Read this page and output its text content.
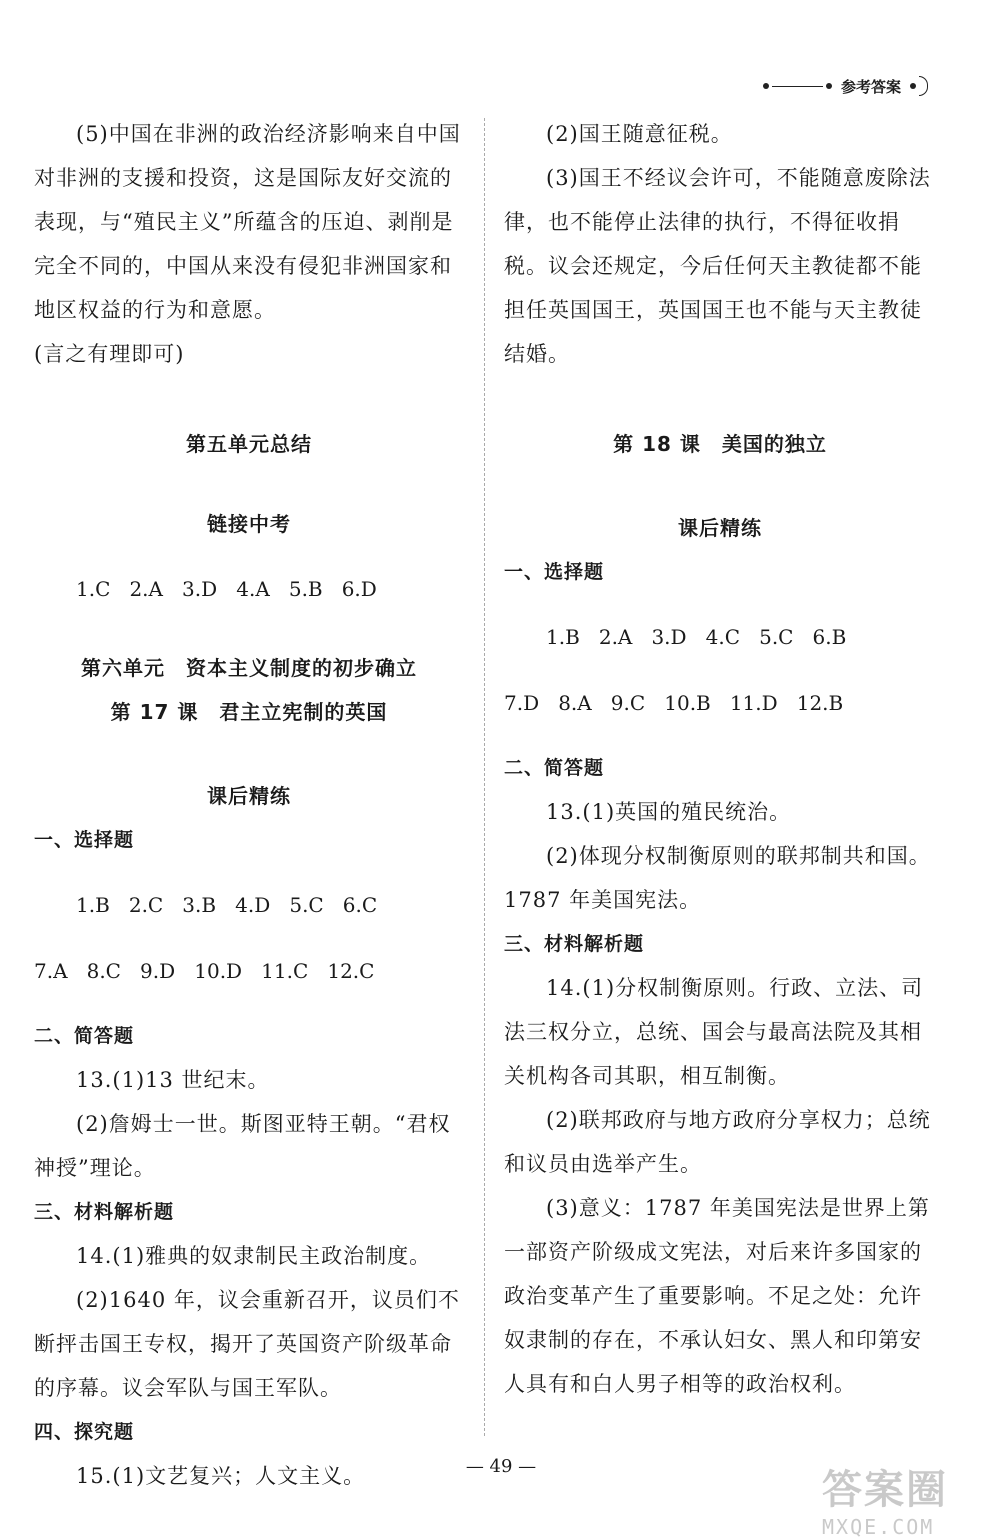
参考答案

(5)中国在非洲的政治经济影响来自中国对非洲的支援和投资，这是国际友好交流的表现，与“殖民主义”所蕴含的压迫、剥削是完全不同的，中国从来没有侵犯非洲国家和地区权益的行为和意愿。

(言之有理即可)

第五单元总结

链接中考

1.C   2.A   3.D   4.A   5.B   6.D

第六单元　资本主义制度的初步确立

第 17 课　君主立宪制的英国

课后精练

一、选择题

1.B   2.C   3.B   4.D   5.C   6.C

7.A   8.C   9.D   10.D   11.C   12.C

二、简答题

13.(1)13 世纪末。

(2)詹姆士一世。斯图亚特王朝。“君权神授”理论。

三、材料解析题

14.(1)雅典的奴隶制民主政治制度。

(2)1640 年，议会重新召开，议员们不断抨击国王专权，揭开了英国资产阶级革命的序幕。议会军队与国王军队。

四、探究题

15.(1)文艺复兴；人文主义。

(2)国王随意征税。

(3)国王不经议会许可，不能随意废除法律，也不能停止法律的执行，不得征收捐税。议会还规定，今后任何天主教徒都不能担任英国国王，英国国王也不能与天主教徒结婚。

第 18 课　美国的独立

课后精练

一、选择题

1.B   2.A   3.D   4.C   5.C   6.B

7.D   8.A   9.C   10.B   11.D   12.B

二、简答题

13.(1)英国的殖民统治。

(2)体现分权制衡原则的联邦制共和国。1787 年美国宪法。

三、材料解析题

14.(1)分权制衡原则。行政、立法、司法三权分立，总统、国会与最高法院及其相关机构各司其职，相互制衡。

(2)联邦政府与地方政府分享权力；总统和议员由选举产生。

(3)意义：1787 年美国宪法是世界上第一部资产阶级成文宪法，对后来许多国家的政治变革产生了重要影响。不足之处：允许奴隶制的存在，不承认妇女、黑人和印第安人具有和白人男子相等的政治权利。

— 49 —
答案圈
MXQE.COM
